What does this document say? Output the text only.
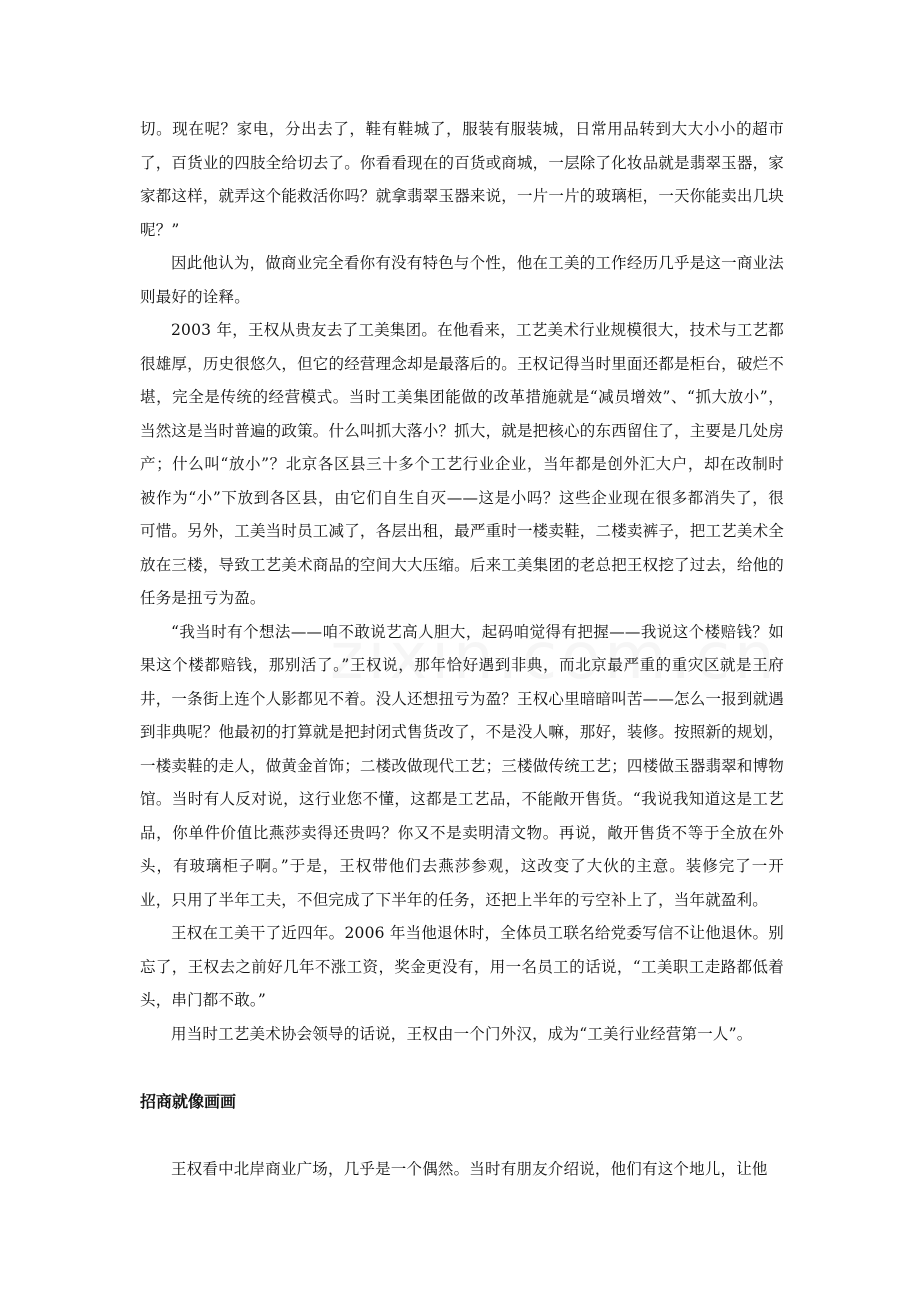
切。现在呢？家电，分出去了，鞋有鞋城了，服装有服装城，日常用品转到大大小小的超市了，百货业的四肢全给切去了。你看看现在的百货或商城，一层除了化妆品就是翡翠玉器，家家都这样，就弄这个能救活你吗？就拿翡翠玉器来说，一片一片的玻璃柜，一天你能卖出几块呢？”

因此他认为，做商业完全看你有没有特色与个性，他在工美的工作经历几乎是这一商业法则最好的诠释。

2003 年，王权从贵友去了工美集团。在他看来，工艺美术行业规模很大，技术与工艺都很雄厚，历史很悠久，但它的经营理念却是最落后的。王权记得当时里面还都是柜台，破烂不堪，完全是传统的经营模式。当时工美集团能做的改革措施就是“减员增效”、“抓大放小”，当然这是当时普遍的政策。什么叫抓大落小？抓大，就是把核心的东西留住了，主要是几处房产；什么叫“放小”？北京各区县三十多个工艺行业企业，当年都是创外汇大户，却在改制时被作为“小”下放到各区县，由它们自生自灭——这是小吗？这些企业现在很多都消失了，很可惜。另外，工美当时员工减了，各层出租，最严重时一楼卖鞋，二楼卖裤子，把工艺美术全放在三楼，导致工艺美术商品的空间大大压缩。后来工美集团的老总把王权挖了过去，给他的任务是扭亏为盈。

“我当时有个想法——咱不敢说艺高人胆大，起码咱觉得有把握——我说这个楼赔钱？如果这个楼都赔钱，那别活了。”王权说，那年恰好遇到非典，而北京最严重的重灾区就是王府井，一条街上连个人影都见不着。没人还想扭亏为盈？王权心里暗暗叫苦——怎么一报到就遇到非典呢？他最初的打算就是把封闭式售货改了，不是没人嘛，那好，装修。按照新的规划，一楼卖鞋的走人，做黄金首饰；二楼改做现代工艺；三楼做传统工艺；四楼做玉器翡翠和博物馆。当时有人反对说，这行业您不懂，这都是工艺品，不能敞开售货。“我说我知道这是工艺品，你单件价值比燕莎卖得还贵吗？你又不是卖明清文物。再说，敞开售货不等于全放在外头，有玻璃柜子啊。”于是，王权带他们去燕莎参观，这改变了大伙的主意。装修完了一开业，只用了半年工夫，不但完成了下半年的任务，还把上半年的亏空补上了，当年就盈利。

王权在工美干了近四年。2006 年当他退休时，全体员工联名给党委写信不让他退休。别忘了，王权去之前好几年不涨工资，奖金更没有，用一名员工的话说，“工美职工走路都低着头，串门都不敢。”

用当时工艺美术协会领导的话说，王权由一个门外汉，成为“工美行业经营第一人”。

招商就像画画

王权看中北岸商业广场，几乎是一个偶然。当时有朋友介绍说，他们有这个地儿，让他
